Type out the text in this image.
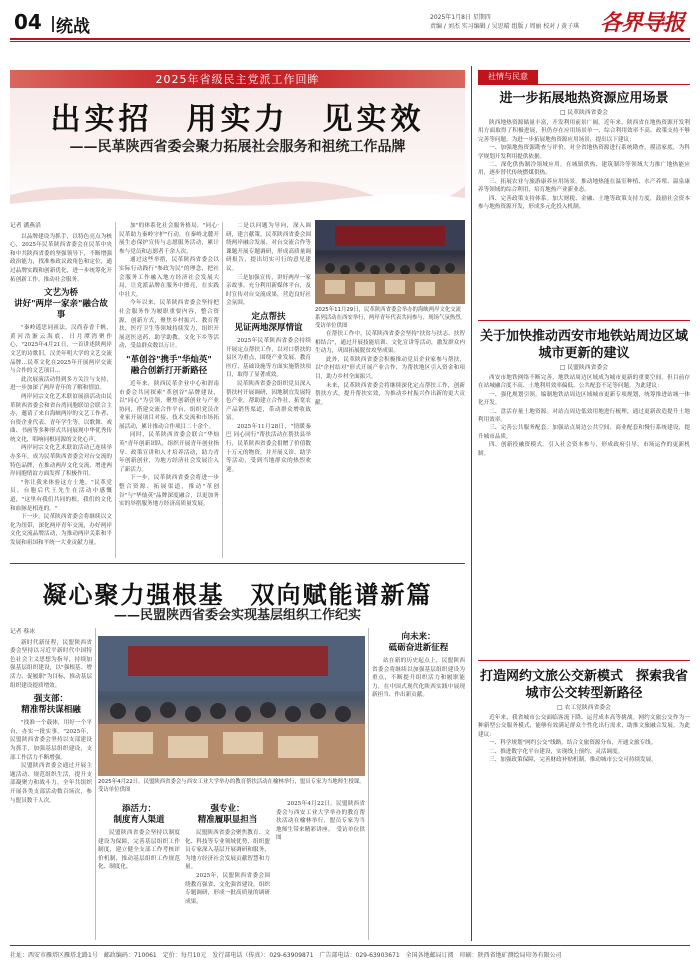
04 统战	2025年1月8日 星期四
责编 / 刘杰 实习编辑 / 吴思晴 组版 / 周丽 校对 / 黄子琪 各界导报
2025年省级民主党派工作回眸
出实招　用实力　见实效
——民革陕西省委会聚力拓展社会服务和祖统工作品牌
记者 潘燕滔

以品牌建设为抓手，以特色亮点为核心，2025年民革陕西省委会在民革中央和中共陕西省委的坚强领导下，不断增强政治能力，找准参政议政角色和定位，通过品牌实践和创新优化，进一步统筹化开拓创新工作，推动社会服务。

文艺为桥
讲好"两岸一家亲"融合故事

"秦岭遥思同祖法，汉尚春香千帆，黄河浩渐云海底，日月潭湾聚作心，"2025年4月21日，一首讲述陕两岸文艺的诗歌旧，汉美年明大学的文艺交流品牌...民革文化在2025年开展两岸交流与合作的文艺项目...

此次展演活动得到多方关注与支持，进一步加深了两岸青年的了解和情谊。

两岸同宗文化艺术联谊展演活动由民革陕西省委会和省台湾同胞联谊会联合主办，邀请了来自海峡两岸的文艺工作者、台资企业代表、青年学生等，以歌舞、戏曲、书画等多种形式共同展现中华优秀传统文化，唱响同根同源的文化心声。

两岸同宗文化艺术联谊活动已连续举办多年，成为民革陕西省委会对台交流的特色品牌，在推动两岸文化交流、增进两岸同胞情谊方面发挥了积极作用。

"你让我来体验这方土地，"民革党员、台胞后代王先生在活动中感慨道，"这里有我们共同的根，我们的文化和血脉是相连的。"

下一步，民革陕西省委会将继续以文化为纽带，深化两岸青年交流，办好两岸文化交流品牌活动，为推动两岸关系和平发展和祖国和平统一大业贡献力量。

加"的体系化社会服务格局，"同心·民革助力秦岭守护"行动，在秦岭北麓开展生态保护宣传与志愿服务活动，累计参与党员和志愿者千余人次。

通过这些举措，民革陕西省委会以实际行动践行"参政为民"的理念，把社会服务工作融入地方经济社会发展大局，让党派品牌在服务中擦亮，在实践中壮大。

今年以来，民革陕西省委会坚持把社会服务作为履职重要内容，整合资源，创新方式，聚焦乡村振兴、教育帮扶、医疗卫生等领域持续发力，组织开展送医送药、助学助教、文化下乡等活动，受益群众数以万计。

"革创谷"携手"华灿英"
融合创新打开新路径

近年来，陕西民革企业中心和渭南市委会共同探索"革创谷"品牌建设，以"同心"为引领，聚焦创新创业与产业协同，搭建交流合作平台，组织党员企业家开展项目对接、技术交流和市场拓展活动，累计推动合作项目二十余个。

同时，民革陕西省委会联合"华灿英"青年创新团队，组织开展青年创业指导、政策宣讲和人才培养活动，助力青年创新创业，为地方经济社会发展注入了新活力。

下一步，民革陕西省委会将进一步整合资源、拓展渠道，推动"革创谷"与"华灿英"品牌深度融合，以更加务实的举措服务地方经济高质量发展。

二是以问题为导向，深入调研，建言献策。民革陕西省委会围绕两岸融合发展、对台交流合作等课题开展专题调研，形成高质量调研报告，提出切实可行的意见建议。

三是加强宣传，讲好两岸一家亲故事。充分利用新媒体平台，及时宣传对台交流成果，营造良好社会氛围。

定点帮扶
见证两地深厚情谊

2025年民革陕西省委会持续开展定点帮扶工作，以对口帮扶的县区为重点，围绕产业发展、教育医疗、基础设施等方面实施帮扶项目，取得了显著成效。

民革陕西省委会组织党员深入帮扶村开展调研，因地制宜发展特色产业，帮助建立合作社，拓宽农产品销售渠道，带动群众增收致富。

2025年11月28日，"情暖秦巴 同心同行"帮扶活动在帮扶县举行，民革陕西省委会捐赠了价值数十万元的物资，并开展义诊、助学等活动，受到当地群众的热烈欢迎。

2025年11月29日，民革陕西省委会举办的海峡两岸文化交流系列活动在西安举行，两岸青年代表共同参与，现场气氛热烈。　受访单位供图

在帮扶工作中，民革陕西省委会坚持"扶贫与扶志、扶智相结合"，通过开展技能培训、文化宣讲等活动，激发群众内生动力，巩固拓展脱贫攻坚成果。

此外，民革陕西省委会积极推动党员企业家参与帮扶，以"企村结对"形式开展产业合作，为帮扶地区引入资金和项目，助力乡村全面振兴。

未来，民革陕西省委会将继续深化定点帮扶工作，创新帮扶方式，提升帮扶实效，为推动乡村振兴作出新的更大贡献。

凝心聚力强根基　双向赋能谱新篇
——民盟陕西省委会实现基层组织工作纪实
记者 蔡冰

新时代新征程，民盟陕西省委会坚持以习近平新时代中国特色社会主义思想为指导，持续加强基层组织建设，以"强根基、增活力、促履职"为目标，推动基层组织建设提质增效。

强支部：
精准帮扶谋相融

"找准一个载体，用好一个平台，办实一批实事。"2025年，民盟陕西省委会坚持以支部建设为抓手，加强基层组织建设，支部工作活力不断增强。

民盟陕西省委会通过开展主题活动、规范组织生活，提升支部凝聚力和战斗力，全年共组织开展各类支部活动数百场次，参与盟员数千人次。

2025年4月22日，民盟陕西省委会与西安工业大学举办的教育帮扶活动在榆林举行，盟员专家为当地师生授课。　受访单位供图
添活力：
制度育人渠道

民盟陕西省委会坚持以制度建设为保障，完善基层组织工作制度，建立健全支部工作考核评价机制，推动基层组织工作规范化、制度化。

强专业：
精准履职显担当

民盟陕西省委会聚焦教育、文化、科技等专业领域优势，组织盟员专家深入基层开展调研和服务，为地方经济社会发展贡献智慧和力量。

2025年，民盟陕西省委会围绕教育强省、文化强省建设，组织专题调研，形成一批高质量的调研成果。

2025年4月22日，民盟陕西省委会与西安工业大学举办的教育帮扶活动在榆林举行，盟员专家为当地师生带来精彩讲座。　受访单位供图

向未来：
砥砺奋进新征程

站在新的历史起点上，民盟陕西省委会将继续以加强基层组织建设为重点，不断提升组织活力和履职能力，在中国式现代化陕西实践中展现新担当、作出新贡献。

社情与民意
进一步拓展地热资源应用场景
□ 民革陕西省委会

陕西地热资源储量丰富，开发利用前景广阔。近年来，陕西省在地热资源开发利用方面取得了积极进展，但仍存在应用场景单一、综合利用效率不高、政策支持不够完善等问题。为进一步拓展地热资源应用场景，提出以下建议：

一、加强地热资源勘查与评价。对全省地热资源进行系统勘查，摸清家底，为科学规划开发利用提供依据。

二、深化供热制冷领域应用。在城镇供热、建筑制冷等领域大力推广地热能应用，逐步替代传统燃煤供热。

三、拓展农业与旅游康养应用场景。推动地热能在温室种植、水产养殖、温泉康养等领域的综合利用，培育地热产业新业态。

四、完善政策支持体系。加大财税、金融、土地等政策支持力度，鼓励社会资本参与地热资源开发，形成多元化投入机制。

关于加快推动西安市地铁站周边区域城市更新的建议
□ 民盟陕西省委会

西安市地铁网络不断完善，地铁站周边区域成为城市更新的重要空间。但目前存在站城融合度不高、土地利用效率偏低、公共配套不足等问题。为此建议：

一、强化规划引领。编制地铁站周边区域城市更新专项规划，统筹推进站城一体化开发。

二、盘活存量土地资源。对站点周边低效用地进行梳理，通过更新改造提升土地利用效率。

三、完善公共服务配套。加强站点周边公共空间、商业配套和慢行系统建设，提升城市品质。

四、创新投融资模式。引入社会资本参与，形成政府引导、市场运作的更新机制。

打造网约文旅公交新模式　探索我省城市公交转型新路径
□ 农工党陕西省委会

近年来，我省城市公交面临客流下降、运营成本高等挑战。网约文旅公交作为一种新型公交服务模式，能够有效满足群众个性化出行需求，助推文旅融合发展。为此建议：

一、科学规划"网约公交"线路，结合文旅资源分布，开通文旅专线。

二、推进数字化平台建设，实现线上预约、灵活调度。

三、加强政策保障，完善财政补贴机制，推动城市公交可持续发展。

社址：西安市雁塔区雁塔北路1号　邮政编码：710061　定价：每月10元　发行部电话（传真）：029-63909871　广告部电话：029-63903671　全国各地邮局订阅　印刷：陕西省地矿测绘局印务有限公司
